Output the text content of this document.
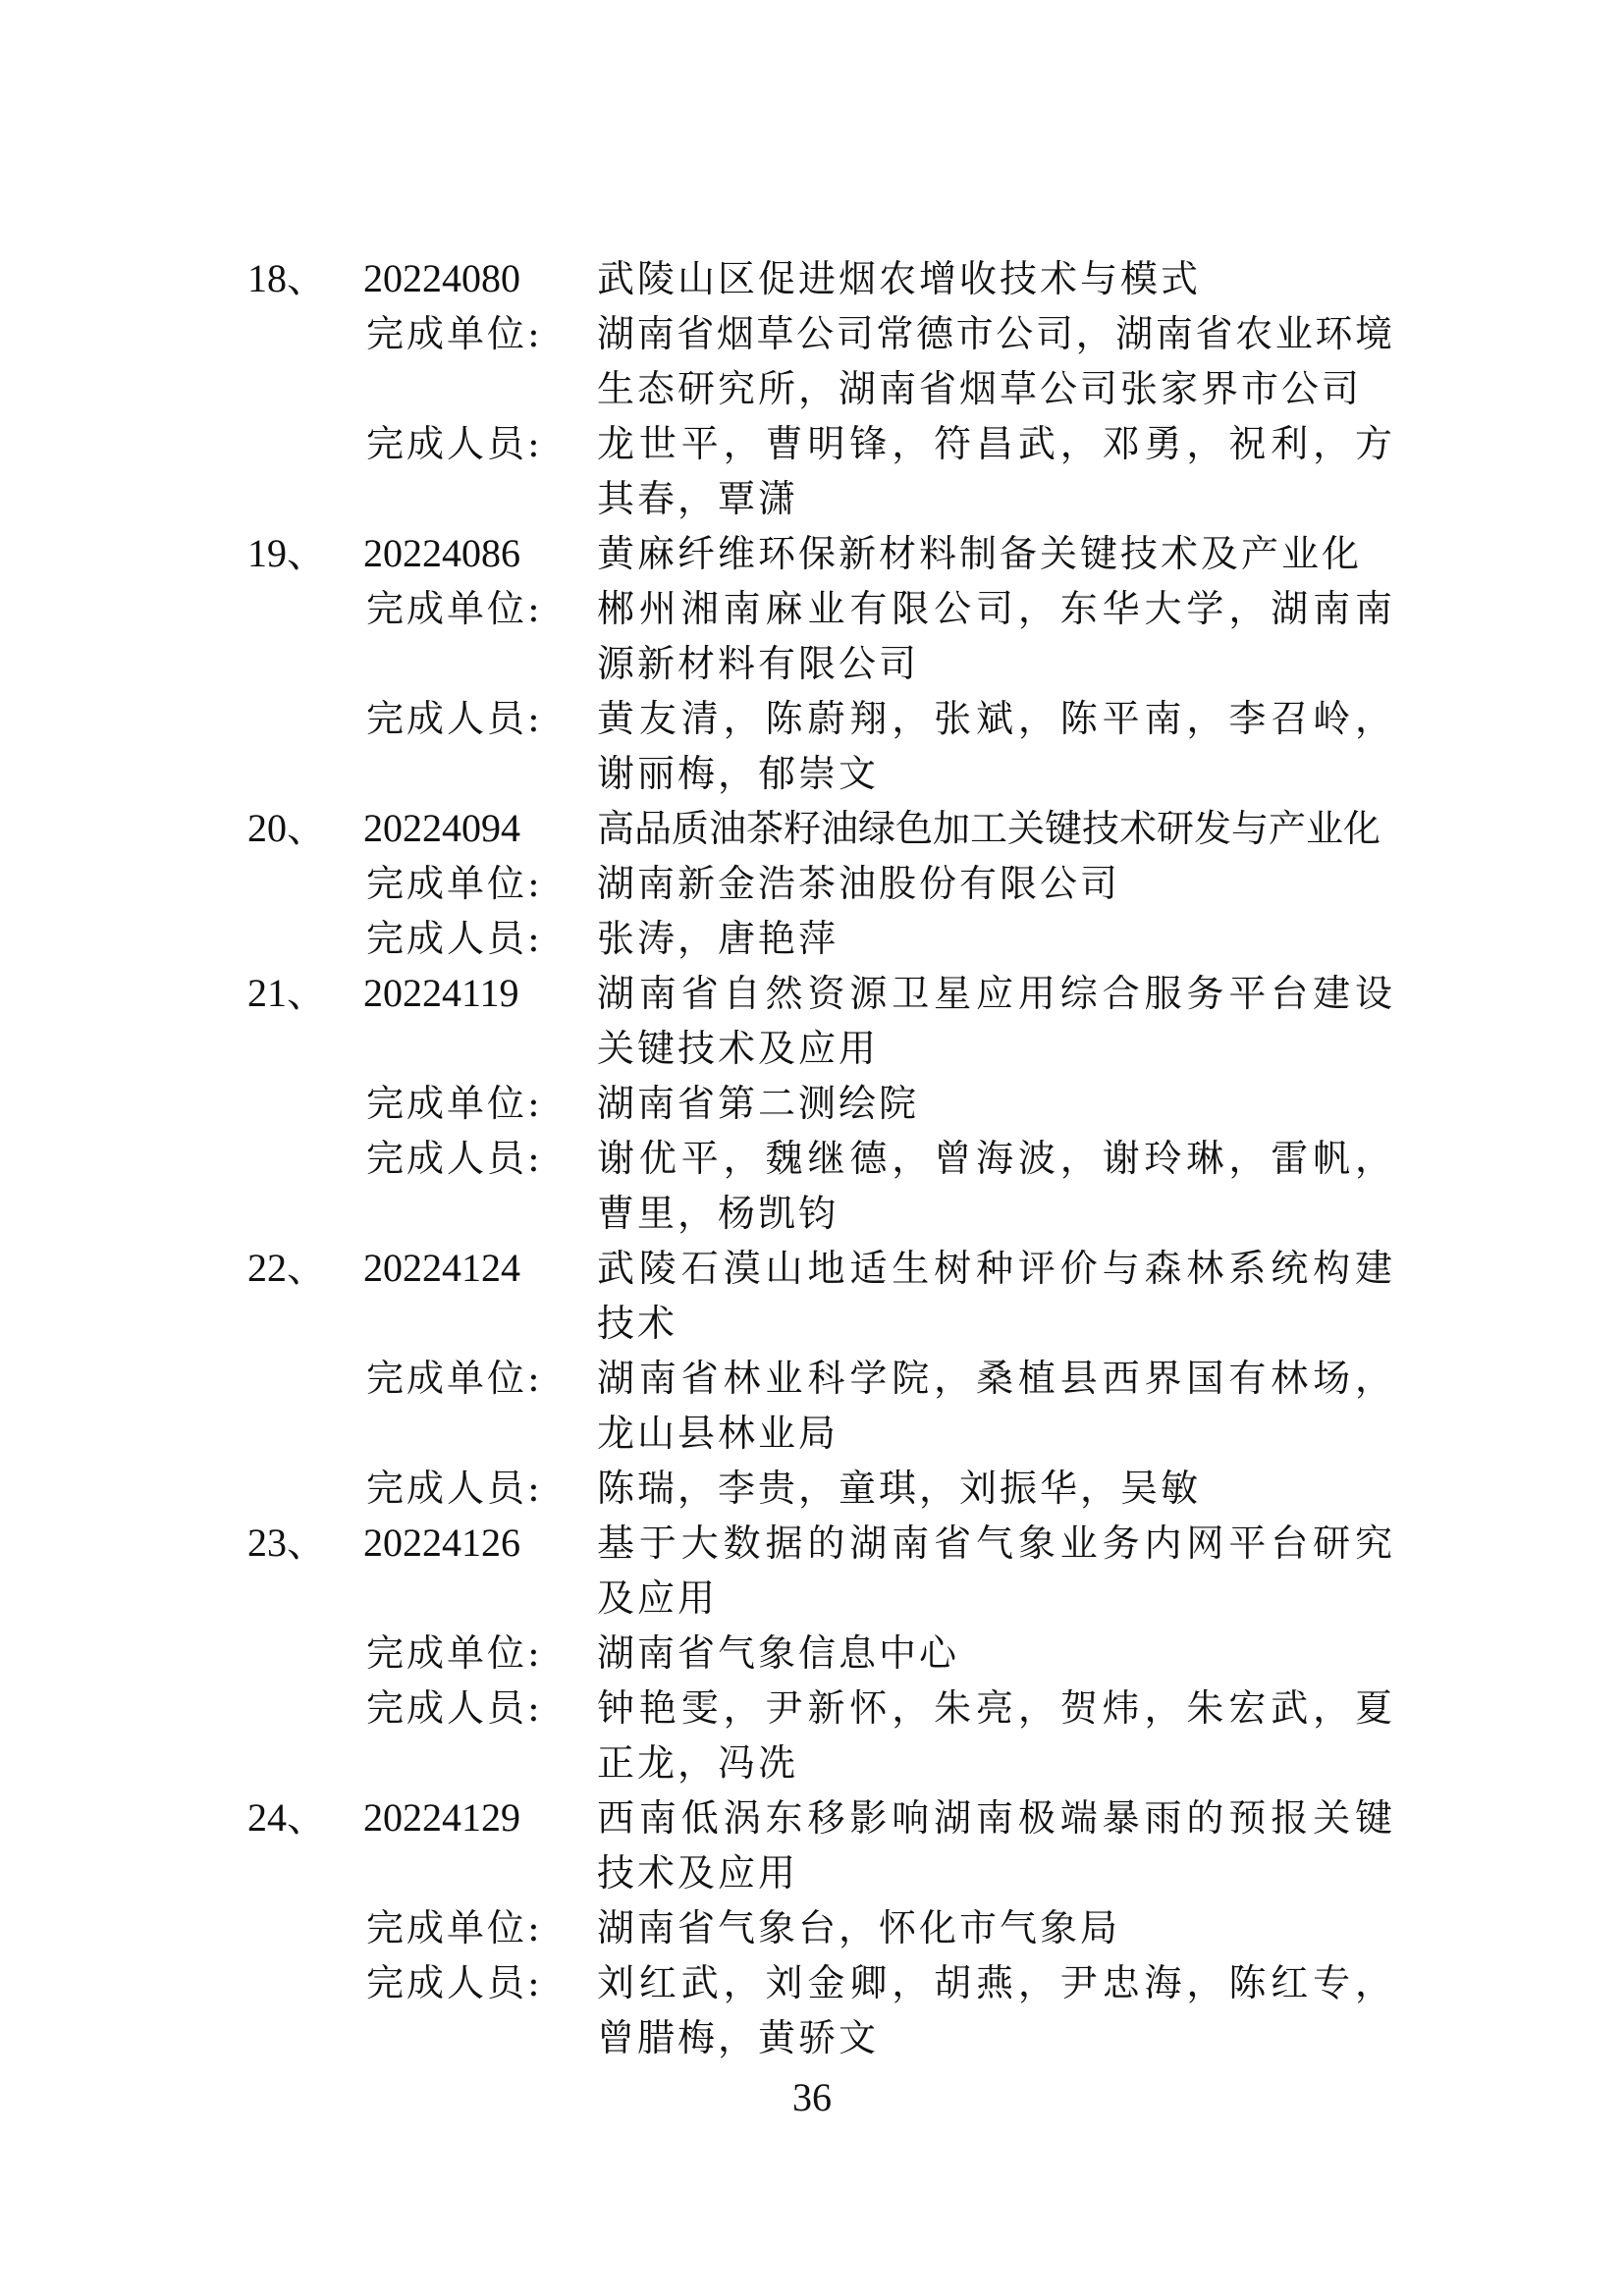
18、 20224080 武陵山区促进烟农增收技术与模式
完成单位: 湖南省烟草公司常德市公司，湖南省农业环境
生态研究所，湖南省烟草公司张家界市公司
完成人员: 龙世平，曹明锋，符昌武，邓勇，祝利，方
其春，覃潇
19、 20224086 黄麻纤维环保新材料制备关键技术及产业化
完成单位: 郴州湘南麻业有限公司，东华大学，湖南南
源新材料有限公司
完成人员: 黄友清，陈蔚翔，张斌，陈平南，李召岭，
谢丽梅，郁崇文
20、 20224094 高品质油茶籽油绿色加工关键技术研发与产业化
完成单位: 湖南新金浩茶油股份有限公司
完成人员: 张涛，唐艳萍
21、 20224119 湖南省自然资源卫星应用综合服务平台建设
关键技术及应用
完成单位: 湖南省第二测绘院
完成人员: 谢优平，魏继德，曾海波，谢玲琳，雷帆，
曹里，杨凯钧
22、 20224124 武陵石漠山地适生树种评价与森林系统构建
技术
完成单位: 湖南省林业科学院，桑植县西界国有林场，
龙山县林业局
完成人员: 陈瑞，李贵，童琪，刘振华，吴敏
23、 20224126 基于大数据的湖南省气象业务内网平台研究
及应用
完成单位: 湖南省气象信息中心
完成人员: 钟艳雯，尹新怀，朱亮，贺炜，朱宏武，夏
正龙，冯冼
24、 20224129 西南低涡东移影响湖南极端暴雨的预报关键
技术及应用
完成单位: 湖南省气象台，怀化市气象局
完成人员: 刘红武，刘金卿，胡燕，尹忠海，陈红专，
曾腊梅，黄骄文
36
